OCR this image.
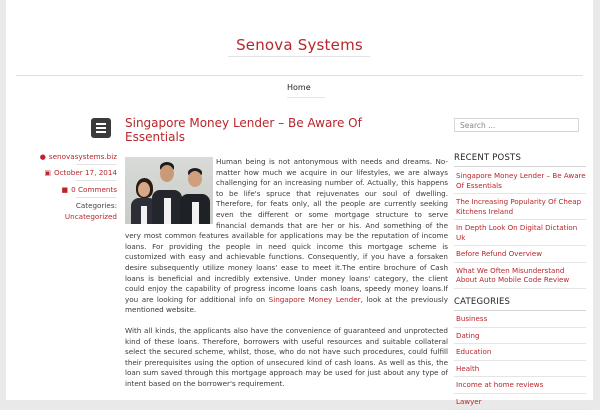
Senova Systems
Home
● senovasystems.biz
▣ October 17, 2014
■ 0 Comments
Categories:
Uncategorized
Singapore Money Lender – Be Aware Of Essentials

Human being is not antonymous with needs and dreams. No-matter how much we acquire in our lifestyles, we are always challenging for an increasing number of. Actually, this happens to be life's spruce that rejuvenates our soul of dwelling. Therefore, for feats only, all the people are currently seeking even the different or some mortgage structure to serve financial demands that are her or his. And something of the very most common features available for applications may be the reputation of income loans. For providing the people in need quick income this mortgage scheme is customized with easy and achievable functions. Consequently, if you have a forsaken desire subsequently utilize money loans' ease to meet it.The entire brochure of Cash loans is beneficial and incredibly extensive. Under money loans' category, the client could enjoy the capability of progress income loans cash loans, speedy money loans.If you are looking for additional info on Singapore Money Lender, look at the previously mentioned website.

With all kinds, the applicants also have the convenience of guaranteed and unprotected kind of these loans. Therefore, borrowers with useful resources and suitable collateral select the secured scheme, whilst, those, who do not have such procedures, could fulfill their prerequisites using the option of unsecured kind of cash loans. As well as this, the loan sum saved through this mortgage approach may be used for just about any type of intent based on the borrower's requirement.

Search ...
RECENT POSTS
Singapore Money Lender – Be Aware Of Essentials
The Increasing Popularity Of Cheap Kitchens Ireland
In Depth Look On Digital Dictation Uk
Before Refund Overview
What We Often Misunderstand About Auto Mobile Code Review
CATEGORIES
Business
Dating
Education
Health
Income at home reviews
Lawyer
